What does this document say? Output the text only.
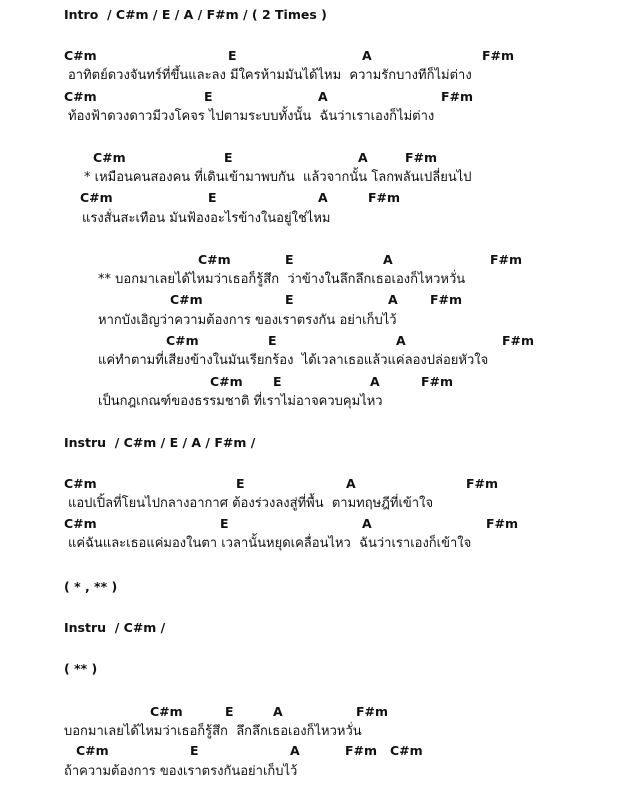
Intro  / C#m / E / A / F#m / ( 2 Times )
C#m	E	A	F#m
อาทิตย์ดวงจันทร์ที่ขึ้นและลง มีใครห้ามมันได้ไหม  ความรักบางทีก็ไม่ต่าง
C#m	E	A	F#m
ท้องฟ้าดวงดาวมีวงโคจร ไปตามระบบทั้งนั้น  ฉันว่าเราเองก็ไม่ต่าง
C#m	E	A	F#m
* เหมือนคนสองคน ที่เดินเข้ามาพบกัน  แล้วจากนั้น โลกพลันเปลี่ยนไป
C#m	E	A	F#m
แรงสั่นสะเทือน มันฟ้องอะไรข้างในอยู่ใช่ไหม
C#m	E	A	F#m
** บอกมาเลยได้ไหมว่าเธอก็รู้สึก  ว่าข้างในลึกลึกเธอเองก็ไหวหวั่น
C#m	E	A	F#m
หากบังเอิญว่าความต้องการ ของเราตรงกัน อย่าเก็บไว้
C#m	E	A	F#m
แค่ทำตามที่เสียงข้างในมันเรียกร้อง  ได้เวลาเธอแล้วแค่ลองปล่อยหัวใจ
C#m E	A	F#m
เป็นกฎเกณฑ์ของธรรมชาติ ที่เราไม่อาจควบคุมไหว
Instru  / C#m / E / A / F#m /
C#m	E	A	F#m
แอปเปิ้ลที่โยนไปกลางอากาศ ต้องร่วงลงสู่ที่พื้น  ตามทฤษฎีที่เข้าใจ
C#m	E	A	F#m
แค่ฉันและเธอแค่มองในตา เวลานั้นหยุดเคลื่อนไหว  ฉันว่าเราเองก็เข้าใจ
( * , ** )
Instru  / C#m /
( ** )
C#m	E	A	F#m
บอกมาเลยได้ไหมว่าเธอก็รู้สึก  ลึกลึกเธอเองก็ไหวหวั่น
C#m	E	A	F#m C#m
ถ้าความต้องการ ของเราตรงกันอย่าเก็บไว้
